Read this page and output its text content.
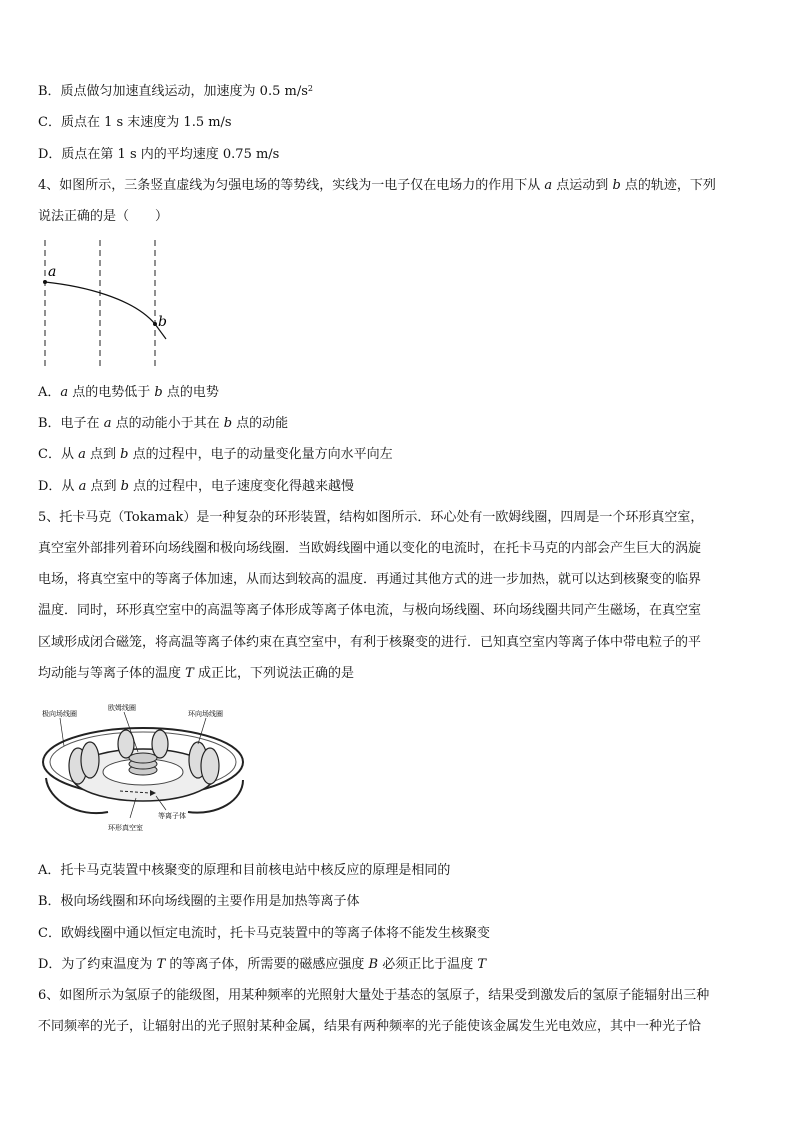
B．质点做匀加速直线运动，加速度为 0.5 $m/s^2$
C．质点在 1 s 末速度为 1.5 m/s
D．质点在第 1 s 内的平均速度 0.75 m/s
4、如图所示，三条竖直虚线为匀强电场的等势线，实线为一电子仅在电场力的作用下从 a 点运动到 b 点的轨迹，下列
说法正确的是（　　）
a
b
A．a 点的电势低于 b 点的电势
B．电子在 a 点的动能小于其在 b 点的动能
C．从 a 点到 b 点的过程中，电子的动量变化量方向水平向左
D．从 a 点到 b 点的过程中，电子速度变化得越来越慢
5、托卡马克（Tokamak）是一种复杂的环形装置，结构如图所示．环心处有一欧姆线圈，四周是一个环形真空室，
真空室外部排列着环向场线圈和极向场线圈．当欧姆线圈中通以变化的电流时，在托卡马克的内部会产生巨大的涡旋
电场，将真空室中的等离子体加速，从而达到较高的温度．再通过其他方式的进一步加热，就可以达到核聚变的临界
温度．同时，环形真空室中的高温等离子体形成等离子体电流，与极向场线圈、环向场线圈共同产生磁场，在真空室
区域形成闭合磁笼，将高温等离子体约束在真空室中，有利于核聚变的进行．已知真空室内等离子体中带电粒子的平
均动能与等离子体的温度 T 成正比，下列说法正确的是
极向场线圈
欧姆线圈
环向场线圈
等离子体
环形真空室
A．托卡马克装置中核聚变的原理和目前核电站中核反应的原理是相同的
B．极向场线圈和环向场线圈的主要作用是加热等离子体
C．欧姆线圈中通以恒定电流时，托卡马克装置中的等离子体将不能发生核聚变
D．为了约束温度为 T 的等离子体，所需要的磁感应强度 B 必须正比于温度 T
6、如图所示为氢原子的能级图，用某种频率的光照射大量处于基态的氢原子，结果受到激发后的氢原子能辐射出三种
不同频率的光子，让辐射出的光子照射某种金属，结果有两种频率的光子能使该金属发生光电效应，其中一种光子恰
